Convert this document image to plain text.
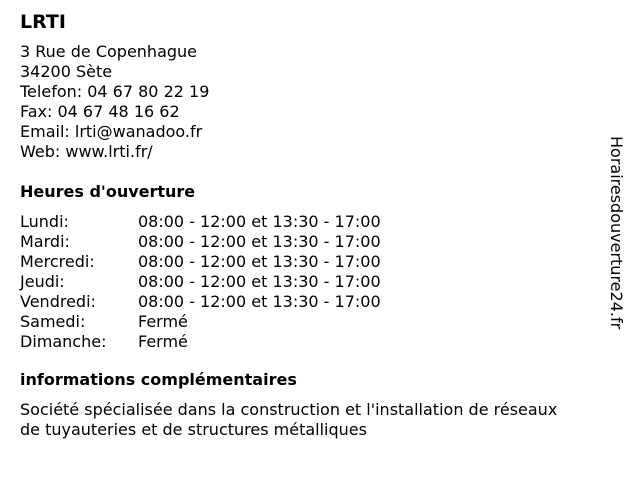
LRTI
3 Rue de Copenhague
34200 Sète
Telefon: 04 67 80 22 19
Fax: 04 67 48 16 62
Email: lrti@wanadoo.fr
Web: www.lrti.fr/
Heures d'ouverture
Lundi:	08:00 - 12:00 et 13:30 - 17:00
Mardi:	08:00 - 12:00 et 13:30 - 17:00
Mercredi:	08:00 - 12:00 et 13:30 - 17:00
Jeudi:	08:00 - 12:00 et 13:30 - 17:00
Vendredi:	08:00 - 12:00 et 13:30 - 17:00
Samedi:	Fermé
Dimanche:	Fermé
informations complémentaires
Société spécialisée dans la construction et l'installation de réseaux de tuyauteries et de structures métalliques
Horairesdouverture24.fr
